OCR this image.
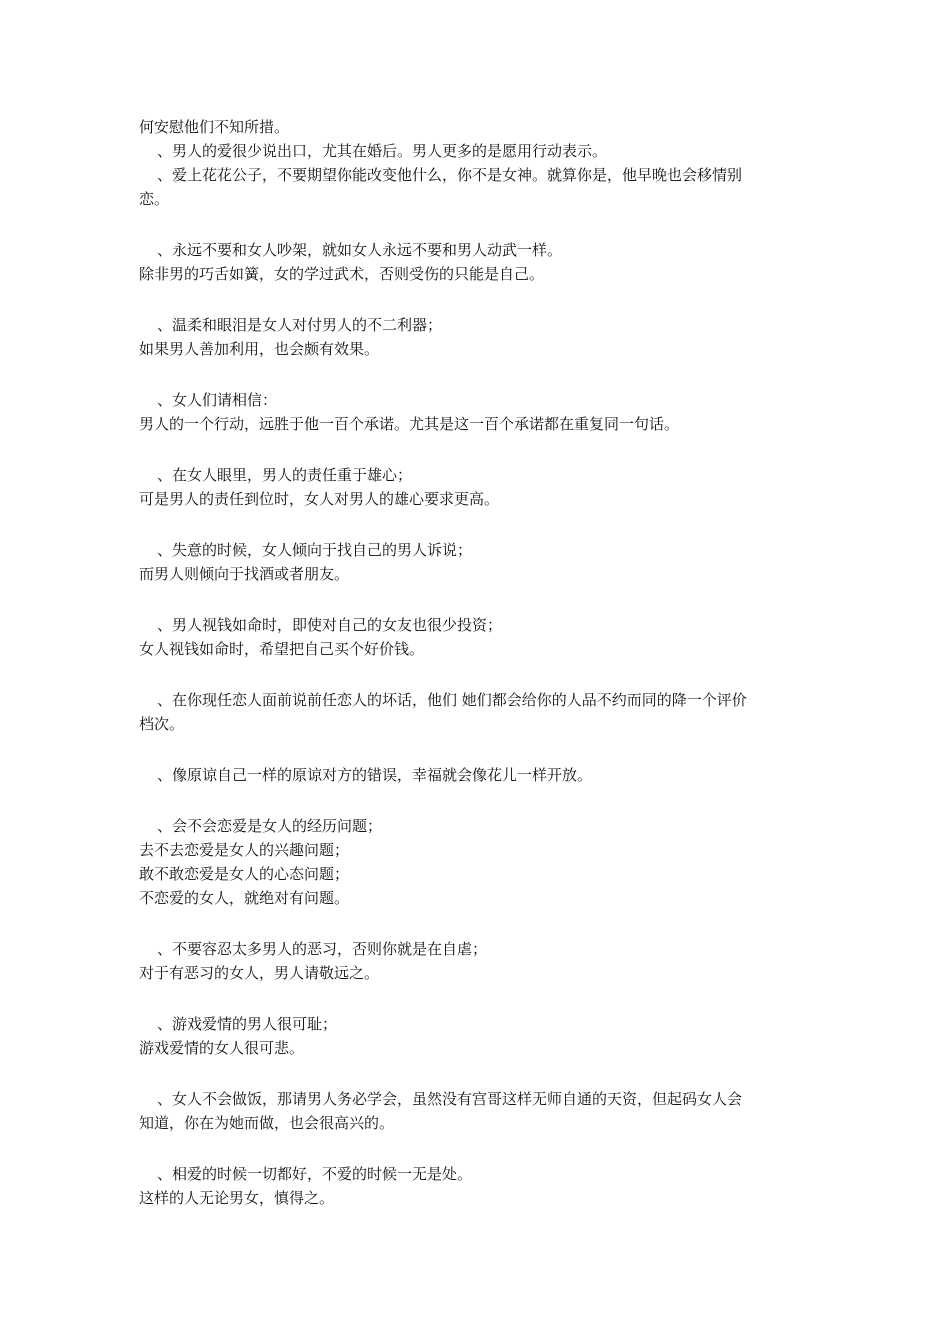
何安慰他们不知所措。
、男人的爱很少说出口，尤其在婚后。男人更多的是愿用行动表示。
、爱上花花公子，不要期望你能改变他什么，你不是女神。就算你是，他早晚也会移情别
恋。
、永远不要和女人吵架，就如女人永远不要和男人动武一样。
除非男的巧舌如簧，女的学过武术，否则受伤的只能是自己。
、温柔和眼泪是女人对付男人的不二利器；
如果男人善加利用，也会颇有效果。
、女人们请相信：
男人的一个行动，远胜于他一百个承诺。尤其是这一百个承诺都在重复同一句话。
、在女人眼里，男人的责任重于雄心；
可是男人的责任到位时，女人对男人的雄心要求更高。
、失意的时候，女人倾向于找自己的男人诉说；
而男人则倾向于找酒或者朋友。
、男人视钱如命时，即使对自己的女友也很少投资；
女人视钱如命时，希望把自己买个好价钱。
、在你现任恋人面前说前任恋人的坏话，他们 她们都会给你的人品不约而同的降一个评价
档次。
、像原谅自己一样的原谅对方的错误，幸福就会像花儿一样开放。
、会不会恋爱是女人的经历问题；
去不去恋爱是女人的兴趣问题；
敢不敢恋爱是女人的心态问题；
不恋爱的女人，就绝对有问题。
、不要容忍太多男人的恶习，否则你就是在自虐；
对于有恶习的女人，男人请敬远之。
、游戏爱情的男人很可耻；
游戏爱情的女人很可悲。
、女人不会做饭，那请男人务必学会，虽然没有宫哥这样无师自通的天资，但起码女人会
知道，你在为她而做，也会很高兴的。
、相爱的时候一切都好，不爱的时候一无是处。
这样的人无论男女，慎得之。
